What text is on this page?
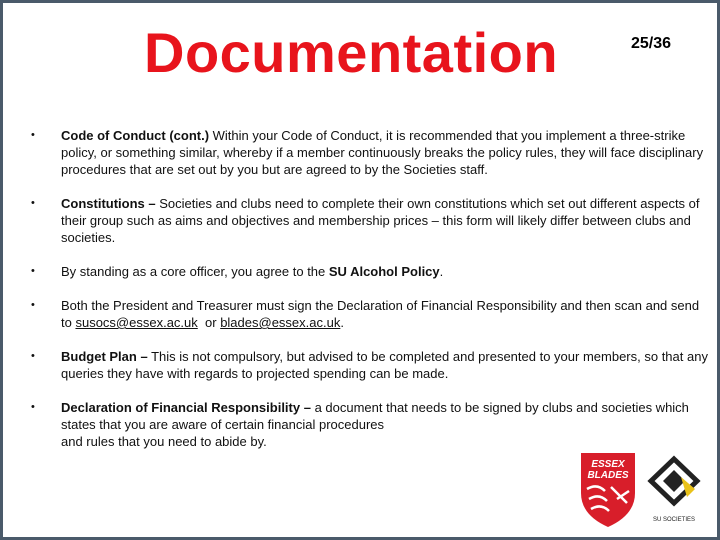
Documentation	25/36
• Code of Conduct (cont.) Within your Code of Conduct, it is recommended that you implement a three-strike policy, or something similar, whereby if a member continuously breaks the policy rules, they will face disciplinary procedures that are set out by you but are agreed to by the Societies staff.
• Constitutions – Societies and clubs need to complete their own constitutions which set out different aspects of their group such as aims and objectives and membership prices – this form will likely differ between clubs and societies.
• By standing as a core officer, you agree to the SU Alcohol Policy.
• Both the President and Treasurer must sign the Declaration of Financial Responsibility and then scan and send to susocs@essex.ac.uk  or blades@essex.ac.uk.
• Budget Plan – This is not compulsory, but advised to be completed and presented to your members, so that any queries they have with regards to projected spending can be made.
• Declaration of Financial Responsibility – a document that needs to be signed by clubs and societies which states that you are aware of certain financial procedures
and rules that you need to abide by.
ESSEX
BLADES
SU SOCIETIES
